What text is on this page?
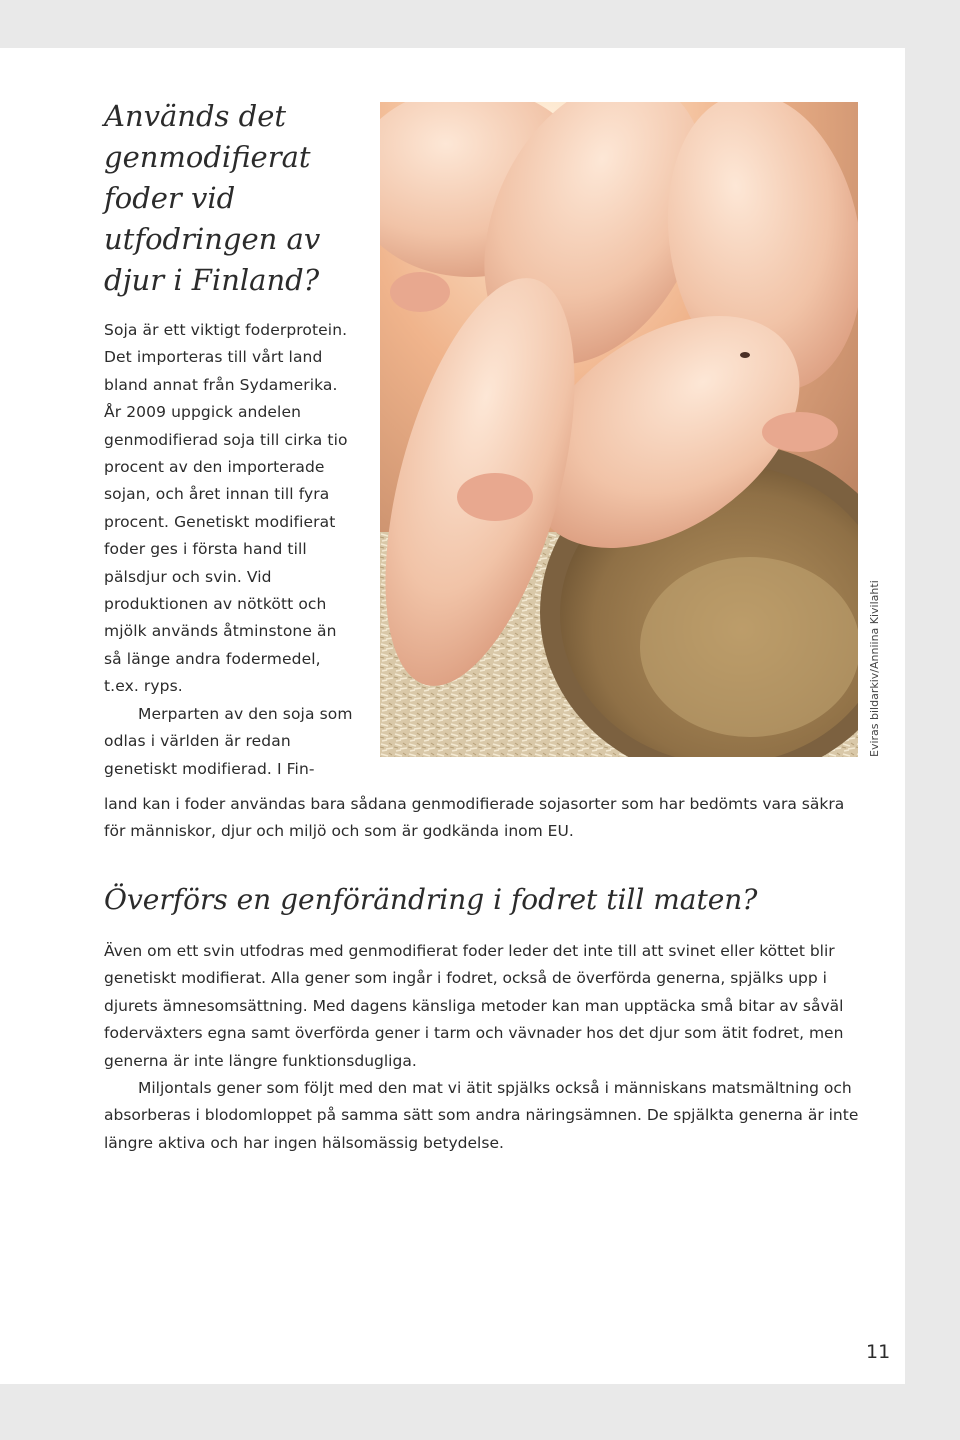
Används det genmodifierat foder vid utfodringen av djur i Finland?
Eviras bildarkiv/Anniina Kivilahti

Soja är ett viktigt foderprotein. Det importeras till vårt land bland annat från Sydamerika. År 2009 uppgick andelen genmodifierad soja till cirka tio procent av den importerade sojan, och året innan till fyra procent. Genetiskt modifierat foder ges i första hand till pälsdjur och svin. Vid produktionen av nötkött och mjölk används åtminstone än så länge andra fodermedel, t.ex. ryps.

Merparten av den soja som odlas i världen är redan genetiskt modifierad. I Fin-

land kan i foder användas bara sådana genmodifierade sojasorter som har bedömts vara säkra för människor, djur och miljö och som är godkända inom EU.

Överförs en genförändring i fodret till maten?

Även om ett svin utfodras med genmodifierat foder leder det inte till att svinet eller köttet blir genetiskt modifierat. Alla gener som ingår i fodret, också de överförda generna, spjälks upp i djurets ämnesomsättning. Med dagens känsliga metoder kan man upptäcka små bitar av såväl foderväxters egna samt överförda gener i tarm och vävnader hos det djur som ätit fodret, men generna är inte längre funktionsdugliga.

Miljontals gener som följt med den mat vi ätit spjälks också i människans matsmältning och absorberas i blodomloppet på samma sätt som andra näringsämnen. De spjälkta generna är inte längre aktiva och har ingen hälsomässig betydelse.

11
